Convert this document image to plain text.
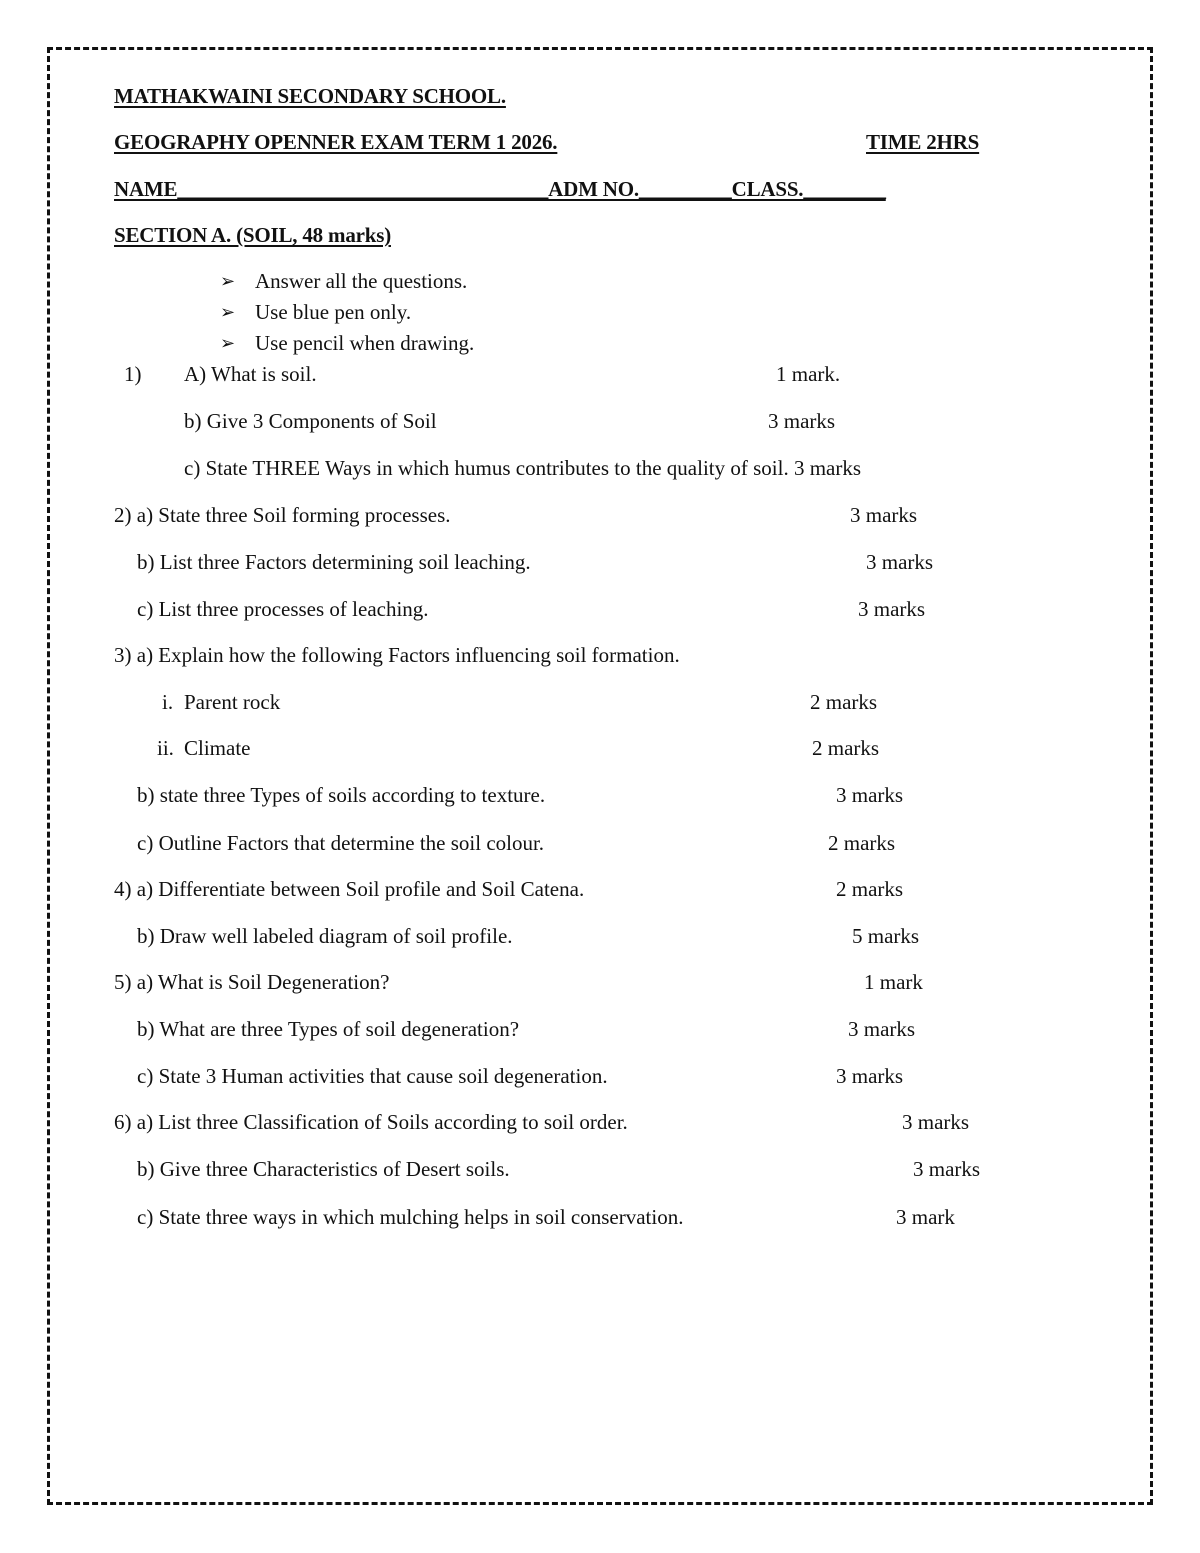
MATHAKWAINI SECONDARY SCHOOL.
GEOGRAPHY OPENNER EXAM TERM 1 2026.	TIME 2HRS
NAME____________________________________ADM NO._________CLASS.________
SECTION A. (SOIL, 48 marks)
➢ Answer all the questions.
➢ Use blue pen only.
➢ Use pencil when drawing.
1) A) What is soil.	1 mark.
b) Give 3 Components of Soil	3 marks
c) State THREE Ways in which humus contributes to the quality of soil. 3 marks
2) a) State three Soil forming processes.	3 marks
b) List three Factors determining soil leaching.	3 marks
c) List three processes of leaching.	3 marks
3) a) Explain how the following Factors influencing soil formation.
i. Parent rock	2 marks
ii. Climate	2 marks
b) state three Types of soils according to texture.	3 marks
c) Outline Factors that determine the soil colour.	2 marks
4) a) Differentiate between Soil profile and Soil Catena.	2 marks
b) Draw well labeled diagram of soil profile.	5 marks
5) a) What is Soil Degeneration?	1 mark
b) What are three Types of soil degeneration?	3 marks
c) State 3 Human activities that cause soil degeneration.	3 marks
6) a) List three Classification of Soils according to soil order.	3 marks
b) Give three Characteristics of Desert soils.	3 marks
c) State three ways in which mulching helps in soil conservation.	3 mark
